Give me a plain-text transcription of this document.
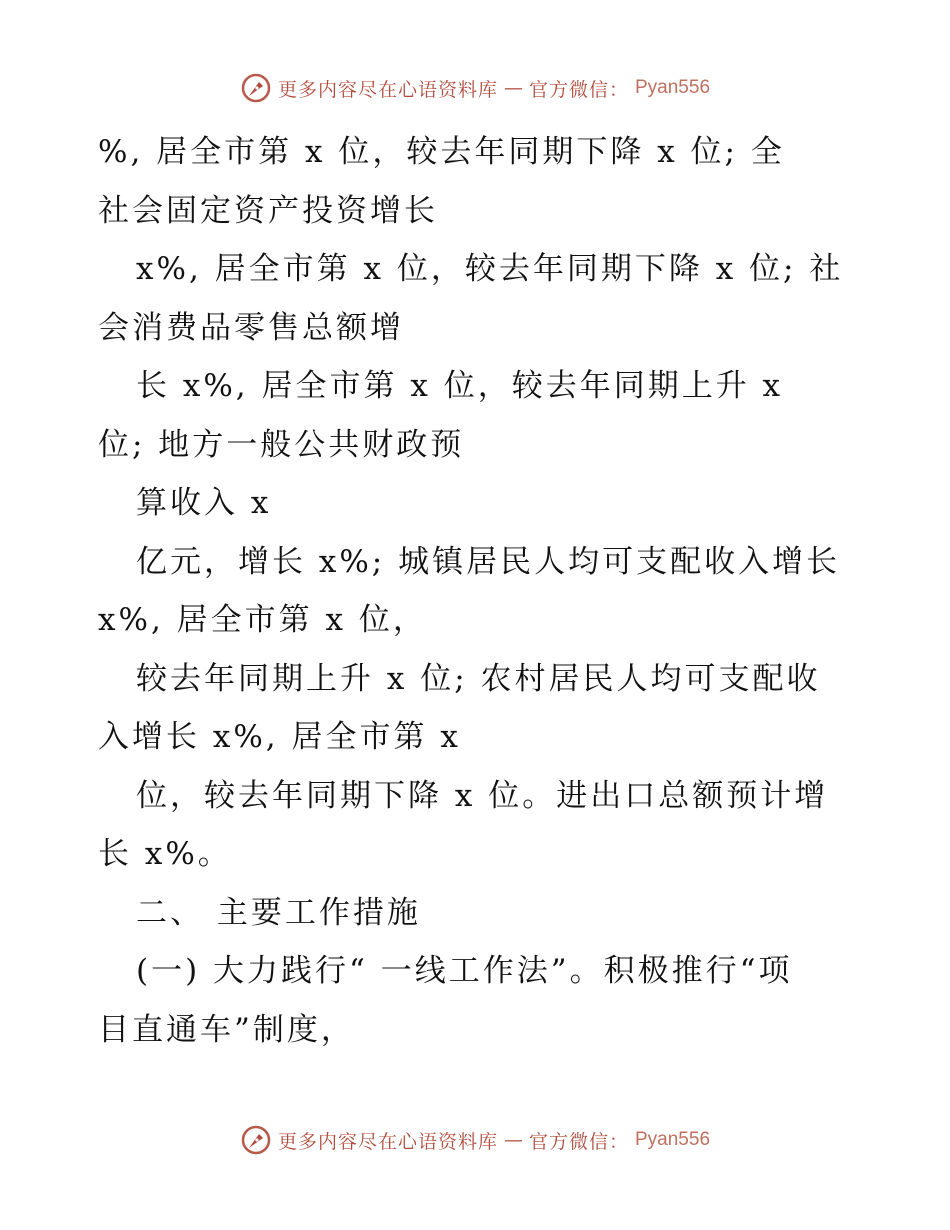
更多内容尽在心语资料库 — 官方微信： Pyan556
%, 居全市第 x 位，较去年同期下降 x 位; 全
社会固定资产投资增长
x%, 居全市第 x 位，较去年同期下降 x 位; 社
会消费品零售总额增
长 x%, 居全市第 x 位，较去年同期上升 x
位; 地方一般公共财政预
算收入 x
亿元，增长 x%; 城镇居民人均可支配收入增长
x%, 居全市第 x 位，
较去年同期上升 x 位; 农村居民人均可支配收
入增长 x%, 居全市第 x
位，较去年同期下降 x 位。进出口总额预计增
长 x%。
二、 主要工作措施
(一) 大力践行“ 一线工作法”。积极推行“项
目直通车”制度，
更多内容尽在心语资料库 — 官方微信： Pyan556
